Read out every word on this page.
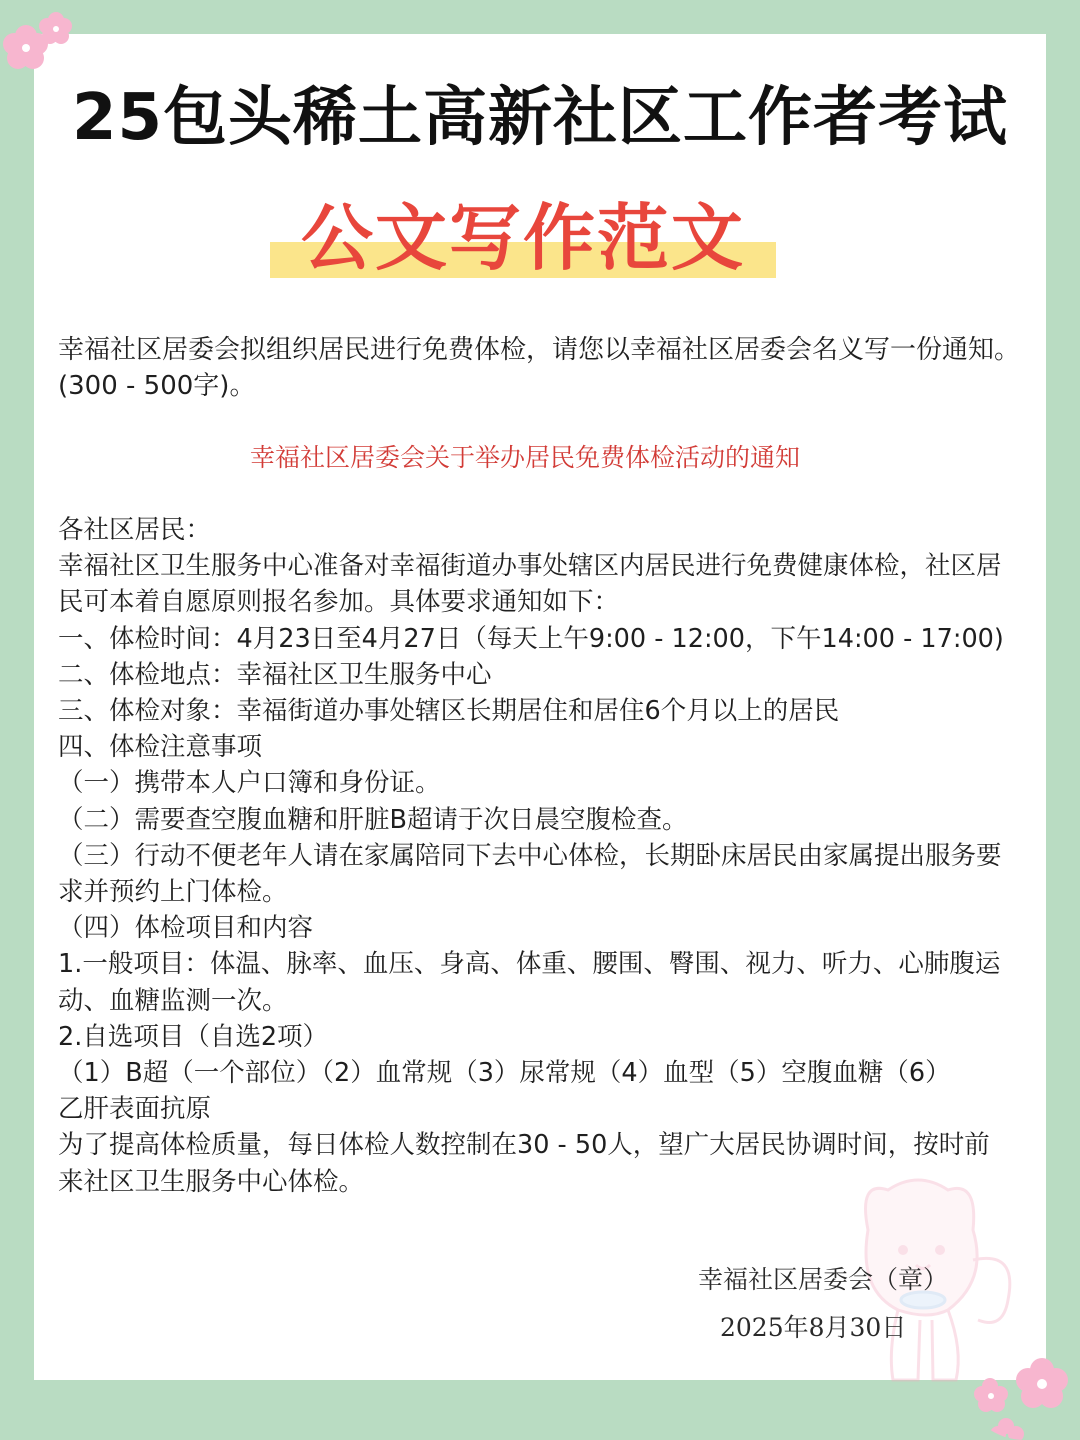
25包头稀土高新社区工作者考试
公文写作范文
幸福社区居委会拟组织居民进行免费体检，请您以幸福社区居委会名义写一份通知。(300 - 500字)。
幸福社区居委会关于举办居民免费体检活动的通知

各社区居民：

幸福社区卫生服务中心准备对幸福街道办事处辖区内居民进行免费健康体检，社区居民可本着自愿原则报名参加。具体要求通知如下：

一、体检时间：4月23日至4月27日（每天上午9:00 - 12:00，下午14:00 - 17:00)

二、体检地点：幸福社区卫生服务中心

三、体检对象：幸福街道办事处辖区长期居住和居住6个月以上的居民

四、体检注意事项

（一）携带本人户口簿和身份证。

（二）需要查空腹血糖和肝脏B超请于次日晨空腹检查。

（三）行动不便老年人请在家属陪同下去中心体检，长期卧床居民由家属提出服务要求并预约上门体检。

（四）体检项目和内容

1.一般项目：体温、脉率、血压、身高、体重、腰围、臀围、视力、听力、心肺腹运动、血糖监测一次。

2.自选项目（自选2项）

（1）B超（一个部位）（2）血常规（3）尿常规（4）血型（5）空腹血糖（6）乙肝表面抗原

为了提高体检质量，每日体检人数控制在30 - 50人，望广大居民协调时间，按时前来社区卫生服务中心体检。

幸福社区居委会（章）
2025年8月30日
